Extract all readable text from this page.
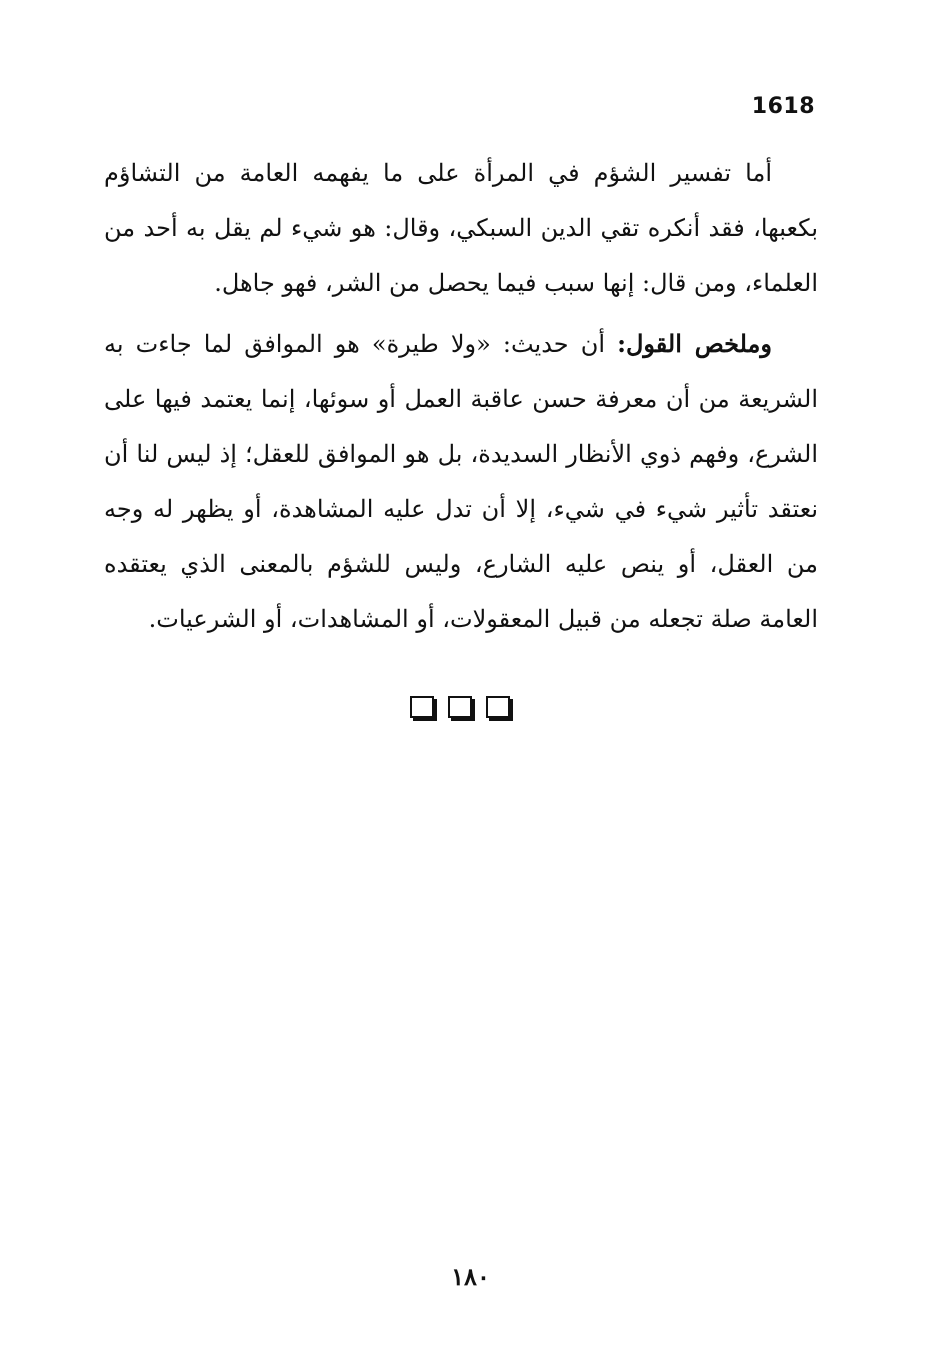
1618

أما تفسير الشؤم في المرأة على ما يفهمه العامة من التشاؤم بكعبها، فقد أنكره تقي الدين السبكي، وقال: هو شيء لم يقل به أحد من العلماء، ومن قال: إنها سبب فيما يحصل من الشر، فهو جاهل.

وملخص القول: أن حديث: «ولا طيرة» هو الموافق لما جاءت به الشريعة من أن معرفة حسن عاقبة العمل أو سوئها، إنما يعتمد فيها على الشرع، وفهم ذوي الأنظار السديدة، بل هو الموافق للعقل؛ إذ ليس لنا أن نعتقد تأثير شيء في شيء، إلا أن تدل عليه المشاهدة، أو يظهر له وجه من العقل، أو ينص عليه الشارع، وليس للشؤم بالمعنى الذي يعتقده العامة صلة تجعله من قبيل المعقولات، أو المشاهدات، أو الشرعيات.

١٨٠
